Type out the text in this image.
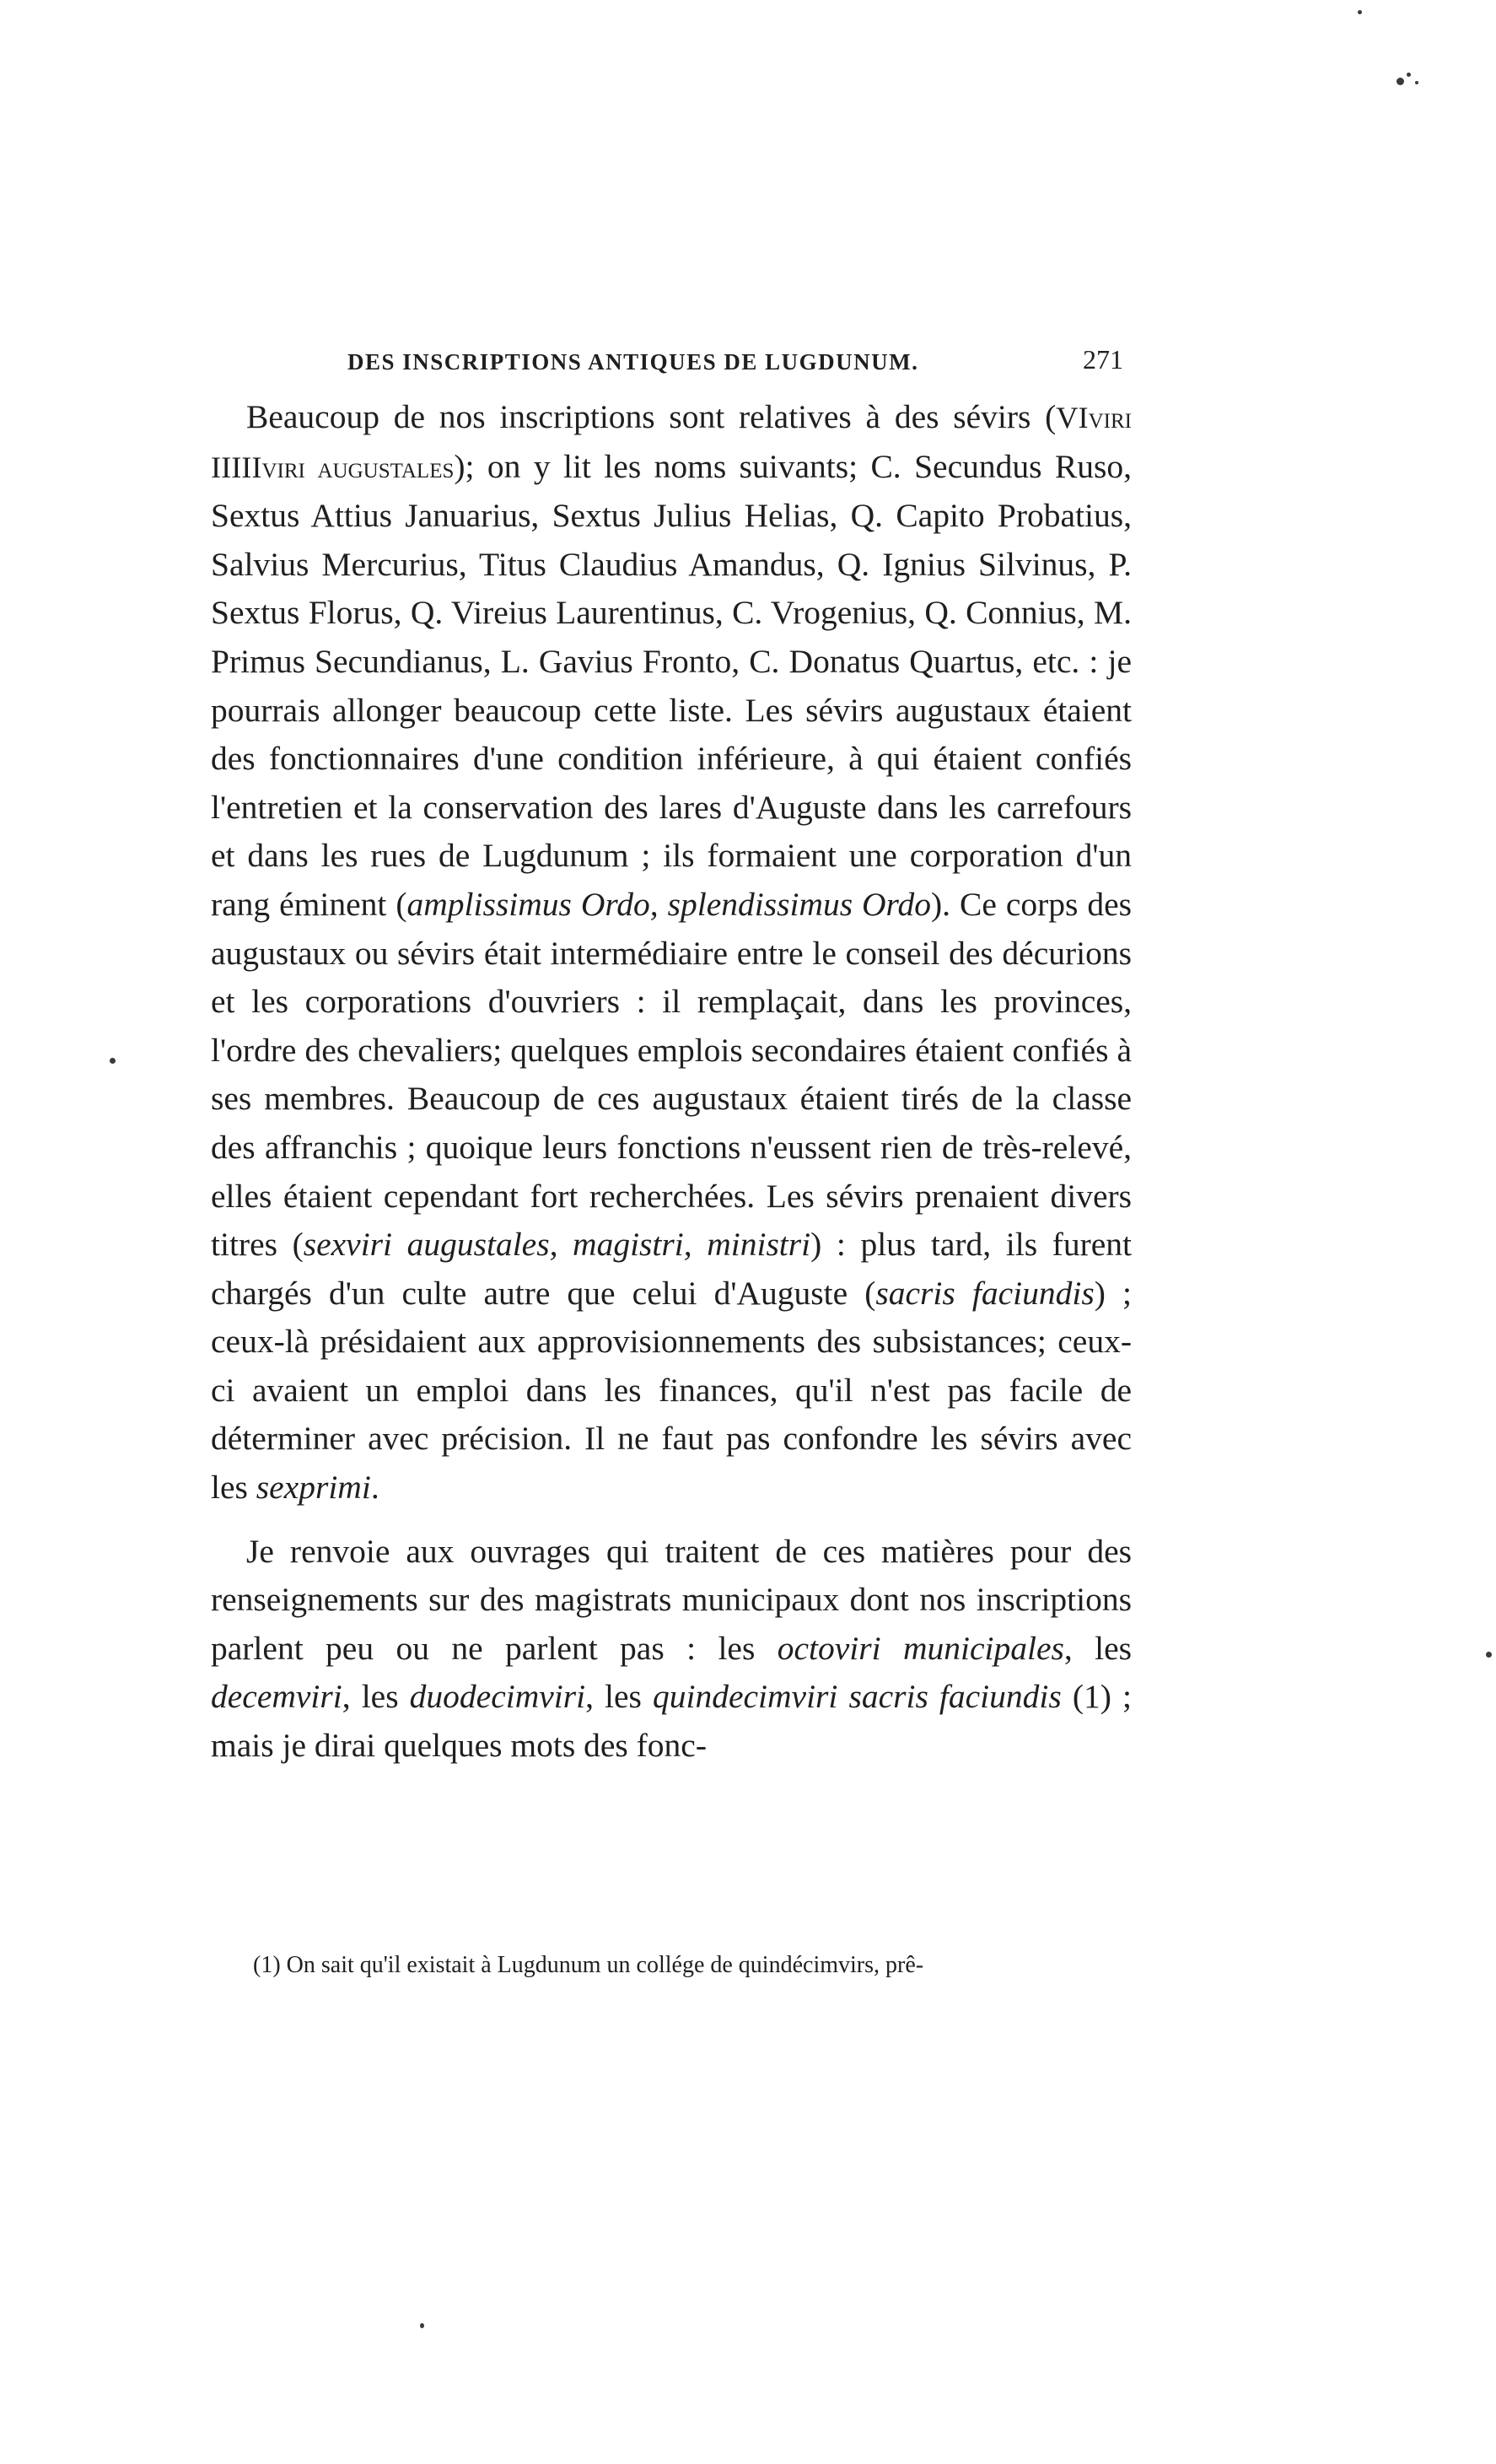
DES INSCRIPTIONS ANTIQUES DE LUGDUNUM.	271

Beaucoup de nos inscriptions sont relatives à des sévirs (VIviri IIIIIviri augustales); on y lit les noms suivants; C. Secundus Ruso, Sextus Attius Januarius, Sextus Julius Helias, Q. Capito Probatius, Salvius Mercurius, Titus Claudius Amandus, Q. Ignius Silvinus, P. Sextus Florus, Q. Vireius Laurentinus, C. Vrogenius, Q. Connius, M. Primus Secundianus, L. Gavius Fronto, C. Donatus Quartus, etc. : je pourrais allonger beaucoup cette liste. Les sévirs augustaux étaient des fonctionnaires d'une condition inférieure, à qui étaient confiés l'entretien et la conservation des lares d'Auguste dans les carrefours et dans les rues de Lugdunum ; ils formaient une corporation d'un rang éminent (amplissimus Ordo, splendissimus Ordo). Ce corps des augustaux ou sévirs était intermédiaire entre le conseil des décurions et les corporations d'ouvriers : il remplaçait, dans les provinces, l'ordre des chevaliers; quelques emplois secondaires étaient confiés à ses membres. Beaucoup de ces augustaux étaient tirés de la classe des affranchis ; quoique leurs fonctions n'eussent rien de très-relevé, elles étaient cependant fort recherchées. Les sévirs prenaient divers titres (sexviri augustales, magistri, ministri) : plus tard, ils furent chargés d'un culte autre que celui d'Auguste (sacris faciundis) ; ceux-là présidaient aux approvisionnements des subsistances; ceux-ci avaient un emploi dans les finances, qu'il n'est pas facile de déterminer avec précision. Il ne faut pas confondre les sévirs avec les sexprimi.

Je renvoie aux ouvrages qui traitent de ces matières pour des renseignements sur des magistrats municipaux dont nos inscriptions parlent peu ou ne parlent pas : les octoviri municipales, les decemviri, les duodecimviri, les quindecimviri sacris faciundis (1) ; mais je dirai quelques mots des fonc-

(1) On sait qu'il existait à Lugdunum un collége de quindécimvirs, prê-
